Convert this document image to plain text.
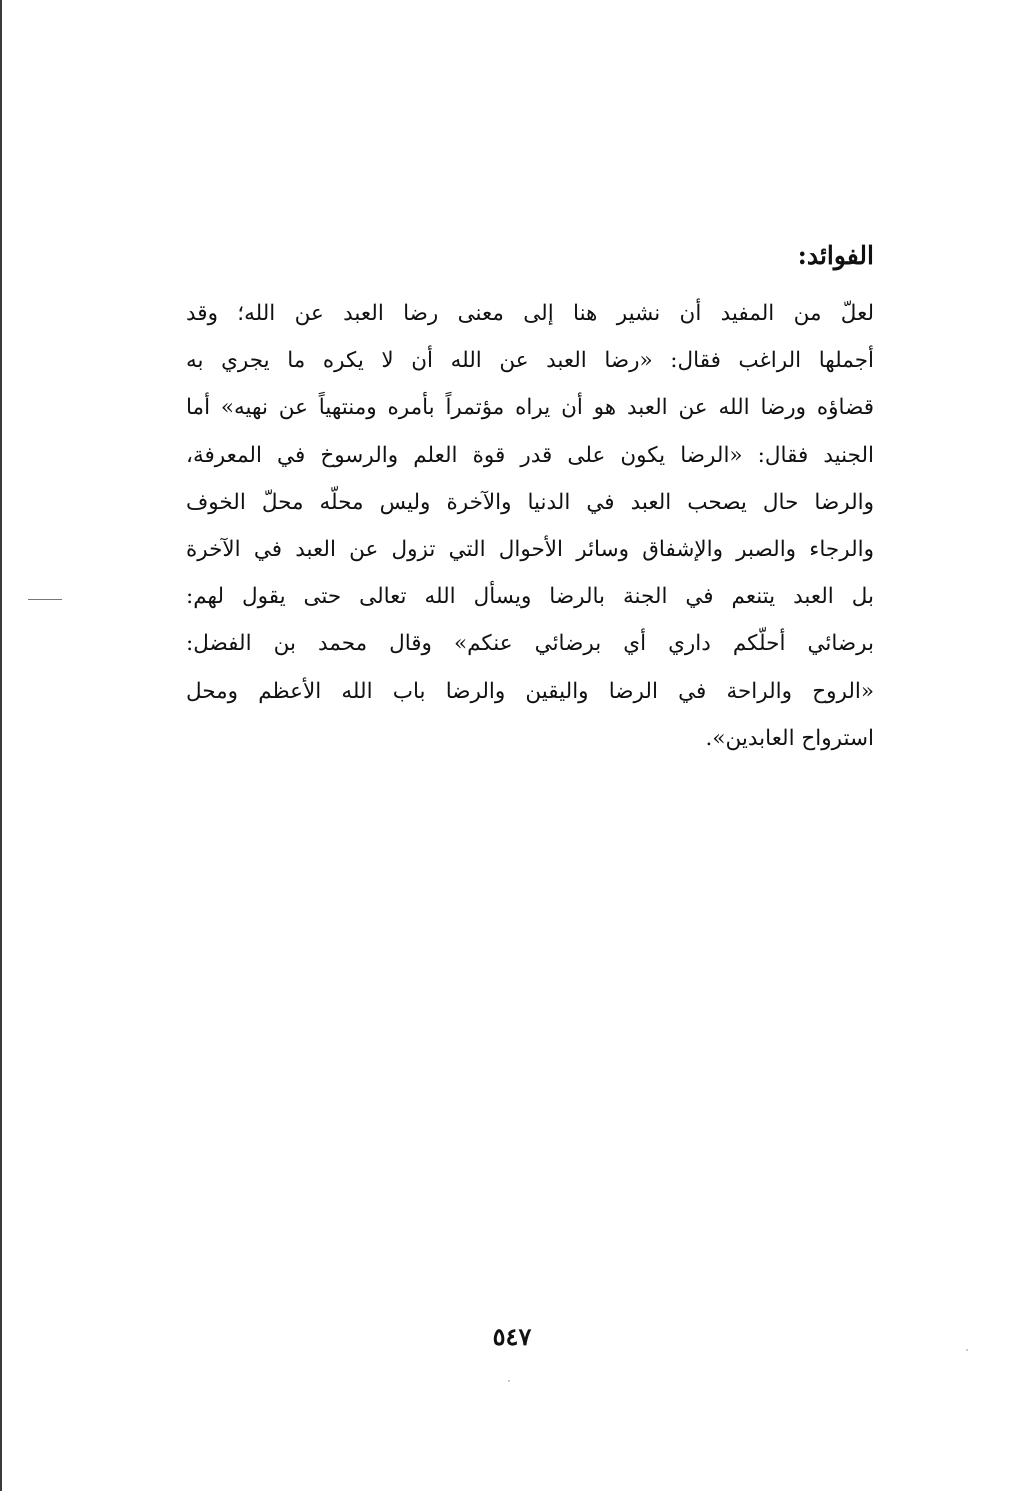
الفوائد:
لعلّ من المفيد أن نشير هنا إلى معنى رضا العبد عن الله؛ وقد
أجملها الراغب فقال: «رضا العبد عن الله أن لا يكره ما يجري به
قضاؤه ورضا الله عن العبد هو أن يراه مؤتمراً بأمره ومنتهياً عن نهيه» أما
الجنيد فقال: «الرضا يكون على قدر قوة العلم والرسوخ في المعرفة،
والرضا حال يصحب العبد في الدنيا والآخرة وليس محلّه محلّ الخوف
والرجاء والصبر والإشفاق وسائر الأحوال التي تزول عن العبد في الآخرة
بل العبد يتنعم في الجنة بالرضا ويسأل الله تعالى حتى يقول لهم:
برضائي أحلّكم داري أي برضائي عنكم» وقال محمد بن الفضل:
«الروح والراحة في الرضا واليقين والرضا باب الله الأعظم ومحل
استرواح العابدين».
٥٤٧
